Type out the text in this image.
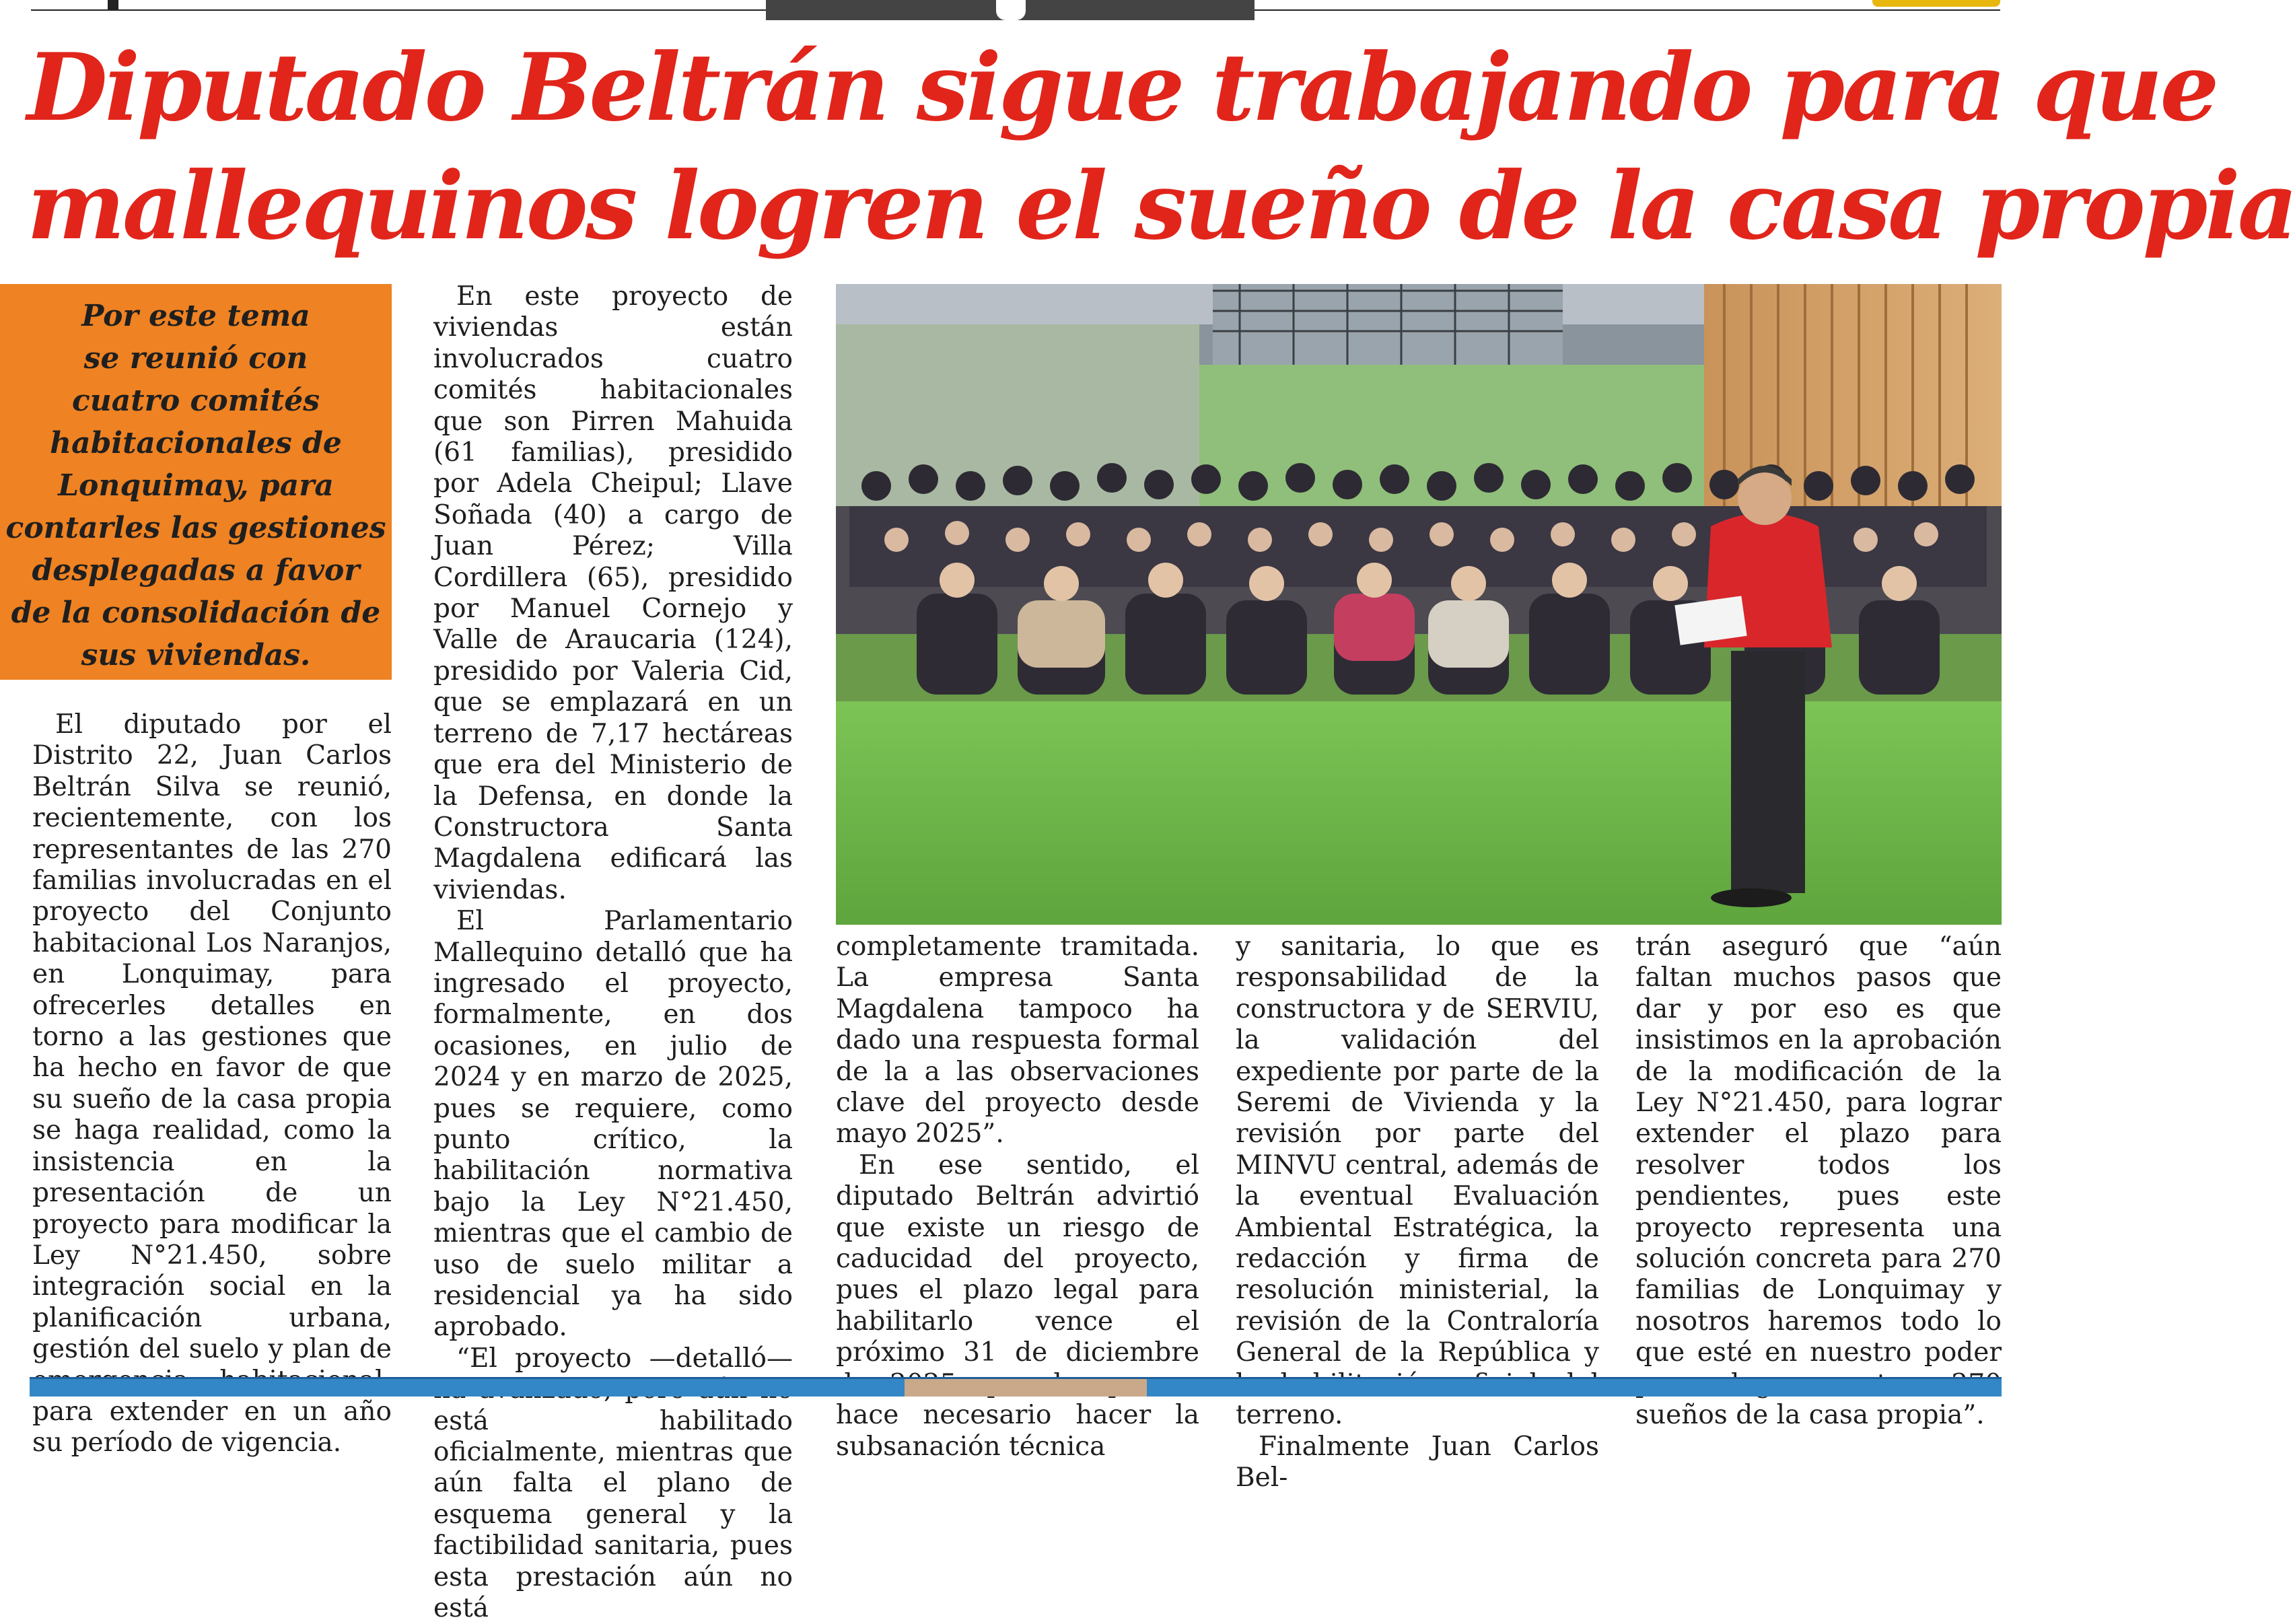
Diputado Beltrán sigue trabajando para que
mallequinos logren el sueño de la casa propia

Por este tema

se reunió con

cuatro comités

habitacionales de

Lonquimay, para

contarles las gestiones

desplegadas a favor

de la consolidación de

sus viviendas.

El diputado por el Distrito 22, Juan Carlos Beltrán Silva se reunió, recientemente, con los representantes de las 270 familias involucradas en el proyecto del Conjunto habitacional Los Naranjos, en Lonquimay, para ofrecerles detalles en torno a las gestiones que ha hecho en favor de que su sueño de la casa propia se haga realidad, como la insistencia en la presentación de un proyecto para modificar la Ley N°21.450, sobre integración social en la planificación urbana, gestión del suelo y plan de para extender en un año su período de vigencia.

En este proyecto de viviendas están involucrados cuatro comités habitacionales que son Pirren Mahuida (61 familias), presidido por Adela Cheipul; Llave Soñada (40) a cargo de Juan Pérez; Villa Cordillera (65), presidido por Manuel Cornejo y Valle de Araucaria (124), presidido por Valeria Cid, que se emplazará en un terreno de 7,17 hectáreas que era del Ministerio de la Defensa, en donde la Constructora Santa Magdalena edificará las viviendas.

El Parlamentario Mallequino detalló que ha ingresado el proyecto, formalmente, en dos ocasiones, en julio de 2024 y en marzo de 2025, pues se requiere, como punto crítico, la habilitación normativa bajo la Ley N°21.450, mientras que el cambio de uso de suelo militar a residencial ya ha sido aprobado.

“El proyecto —detalló— está habilitado oficialmente, mientras que aún falta el plano de esquema general y la factibilidad sanitaria, pues esta prestación aún no está

completamente tramitada. La empresa Santa Magdalena tampoco ha dado una respuesta formal de la a las observaciones clave del proyecto desde mayo 2025”.

En ese sentido, el diputado Beltrán advirtió que existe un riesgo de caducidad del proyecto, pues el plazo legal para habilitarlo vence el próximo 31 de diciembre hace necesario hacer la subsanación técnica

y sanitaria, lo que es responsabilidad de la constructora y de SERVIU, la validación del expediente por parte de la Seremi de Vivienda y la revisión por parte del MINVU central, además de la eventual Evaluación Ambiental Estratégica, la redacción y firma de resolución ministerial, la revisión de la Contraloría General de la República y terreno.

Finalmente Juan Carlos Bel-

trán aseguró que “aún faltan muchos pasos que dar y por eso es que insistimos en la aprobación de la modificación de la Ley N°21.450, para lograr extender el plazo para resolver todos los pendientes, pues este proyecto representa una solución concreta para 270 familias de Lonquimay y nosotros haremos todo lo que esté en nuestro poder sueños de la casa propia”.
